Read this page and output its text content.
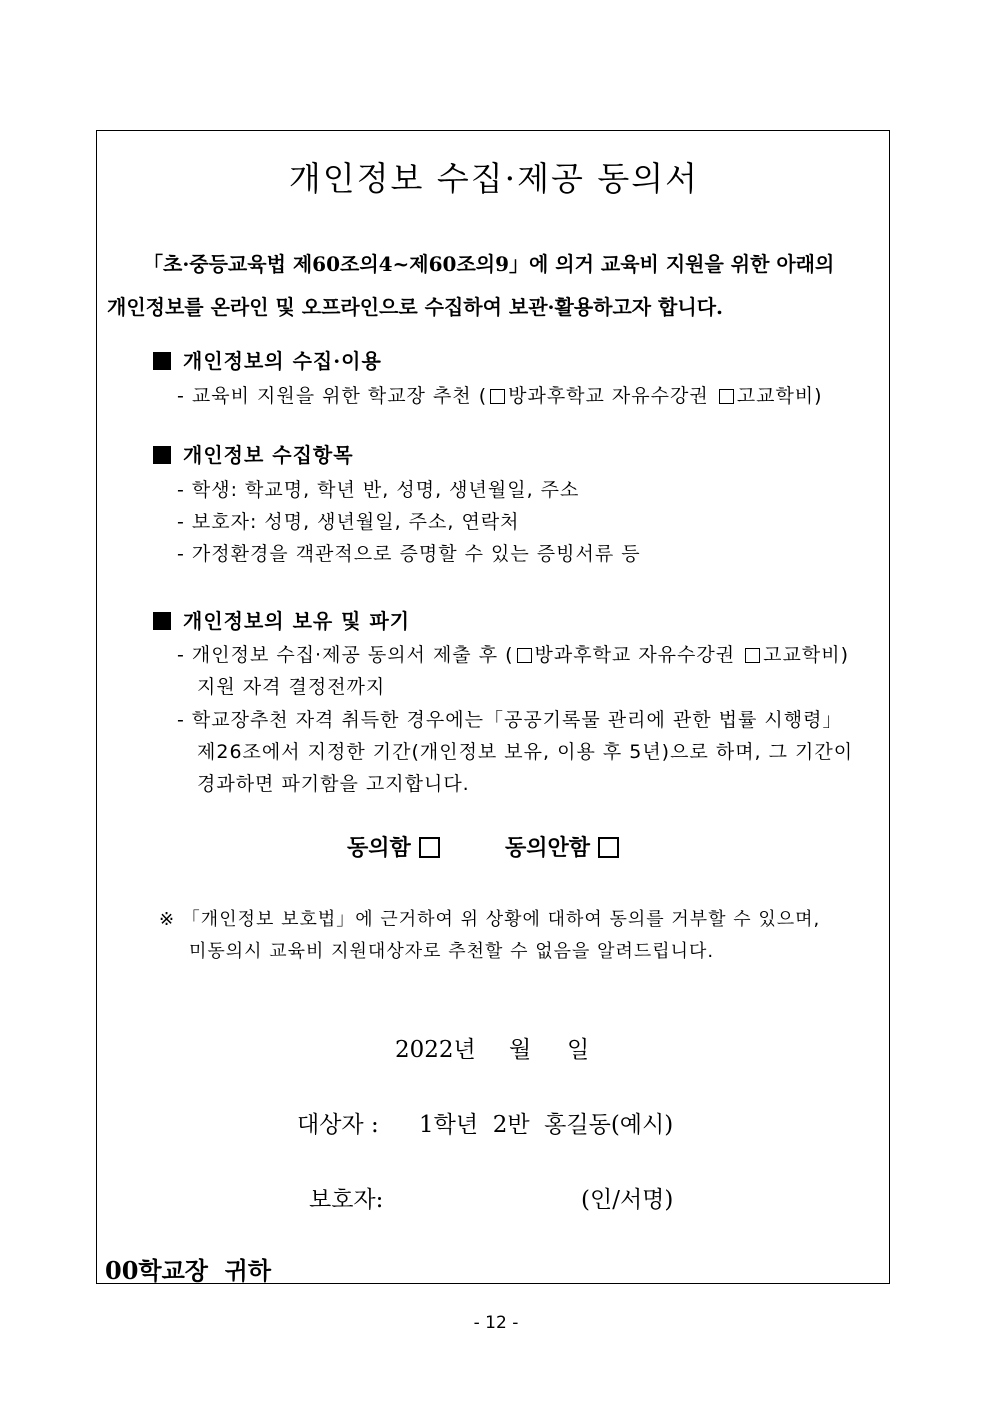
개인정보 수집·제공 동의서
「초·중등교육법 제60조의4~제60조의9」에 의거 교육비 지원을 위한 아래의
개인정보를 온라인 및 오프라인으로 수집하여 보관·활용하고자 합니다.
개인정보의 수집·이용
- 교육비 지원을 위한 학교장 추천 ( 방과후학교 자유수강권 고교학비)
개인정보 수집항목
- 학생: 학교명, 학년 반, 성명, 생년월일, 주소
- 보호자: 성명, 생년월일, 주소, 연락처
- 가정환경을 객관적으로 증명할 수 있는 증빙서류 등
개인정보의 보유 및 파기
- 개인정보 수집·제공 동의서 제출 후 ( 방과후학교 자유수강권 고교학비)
지원 자격 결정전까지
- 학교장추천 자격 취득한 경우에는「공공기록물 관리에 관한 법률 시행령」
제26조에서 지정한 기간(개인정보 보유, 이용 후 5년)으로 하며, 그 기간이
경과하면 파기함을 고지합니다.
동의함	동의안함
※ 「개인정보 보호법」에 근거하여 위 상황에 대하여 동의를 거부할 수 있으며,
미동의시 교육비 지원대상자로 추천할 수 없음을 알려드립니다.
2022년 월 일
대상자 : 1학년  2반  홍길동(예시)
보호자:	(인/서명)
00학교장  귀하
- 12 -
